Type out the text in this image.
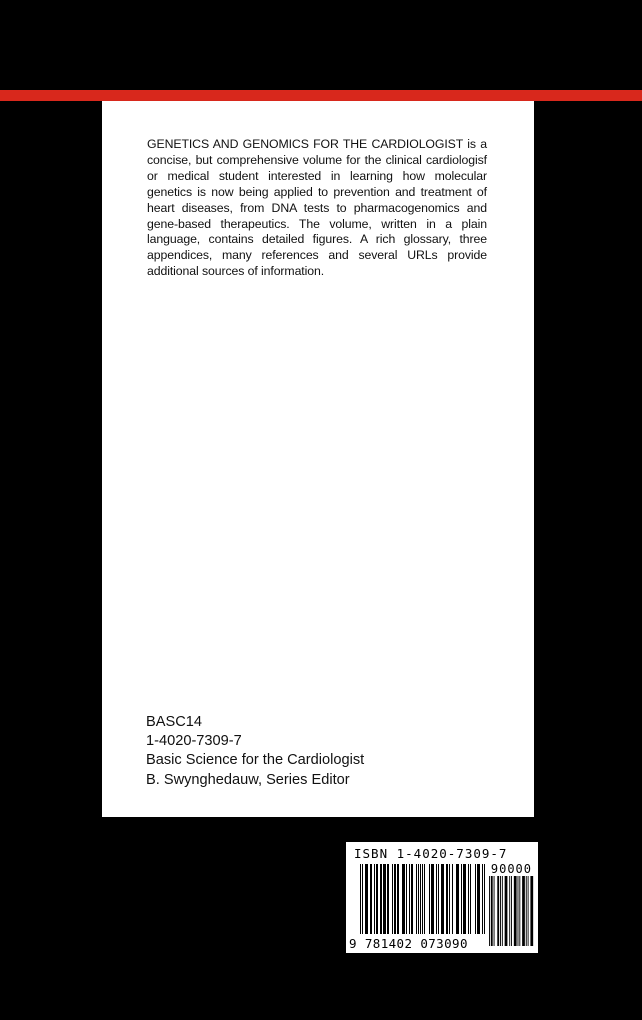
GENETICS AND GENOMICS FOR THE CARDIOLOGIST is a concise, but comprehensive volume for the clinical cardiologisf or medical student interested in learning how molecular genetics is now being applied to prevention and treatment of heart diseases, from DNA tests to pharmacogenomics and gene-based therapeutics. The volume, written in a plain language, contains detailed figures. A rich glossary, three appendices, many references and several URLs provide additional sources of information.

BASC14
1-4020-7309-7
Basic Science for the Cardiologist
B. Swynghedauw, Series Editor
ISBN 1-4020-7309-7
90000
9 781402 073090
